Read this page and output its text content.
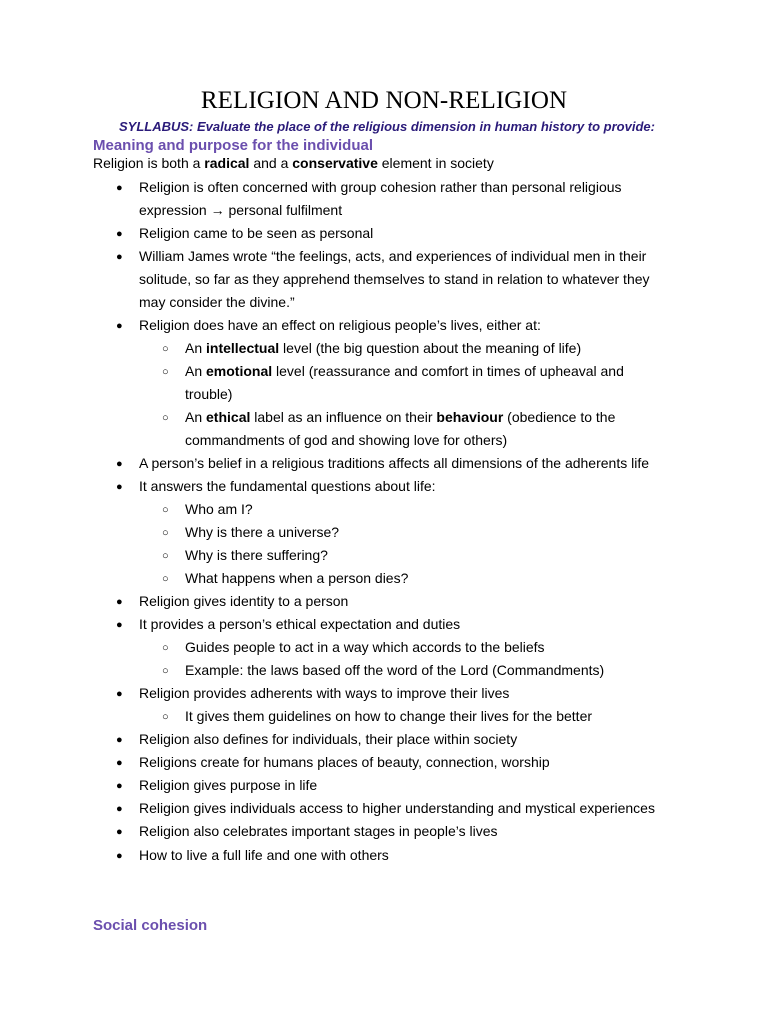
RELIGION AND NON-RELIGION
SYLLABUS: Evaluate the place of the religious dimension in human history to provide:
Meaning and purpose for the individual
Religion is both a radical and a conservative element in society
● Religion is often concerned with group cohesion rather than personal religious
expression → personal fulfilment
● Religion came to be seen as personal
● William James wrote “the feelings, acts, and experiences of individual men in their
solitude, so far as they apprehend themselves to stand in relation to whatever they
may consider the divine.”
● Religion does have an effect on religious people’s lives, either at:
○ An intellectual level (the big question about the meaning of life)
○ An emotional level (reassurance and comfort in times of upheaval and
trouble)
○ An ethical label as an influence on their behaviour (obedience to the
commandments of god and showing love for others)
● A person’s belief in a religious traditions affects all dimensions of the adherents life
● It answers the fundamental questions about life:
○ Who am I?
○ Why is there a universe?
○ Why is there suffering?
○ What happens when a person dies?
● Religion gives identity to a person
● It provides a person’s ethical expectation and duties
○ Guides people to act in a way which accords to the beliefs
○ Example: the laws based off the word of the Lord (Commandments)
● Religion provides adherents with ways to improve their lives
○ It gives them guidelines on how to change their lives for the better
● Religion also defines for individuals, their place within society
● Religions create for humans places of beauty, connection, worship
● Religion gives purpose in life
● Religion gives individuals access to higher understanding and mystical experiences
● Religion also celebrates important stages in people’s lives
● How to live a full life and one with others
Social cohesion
